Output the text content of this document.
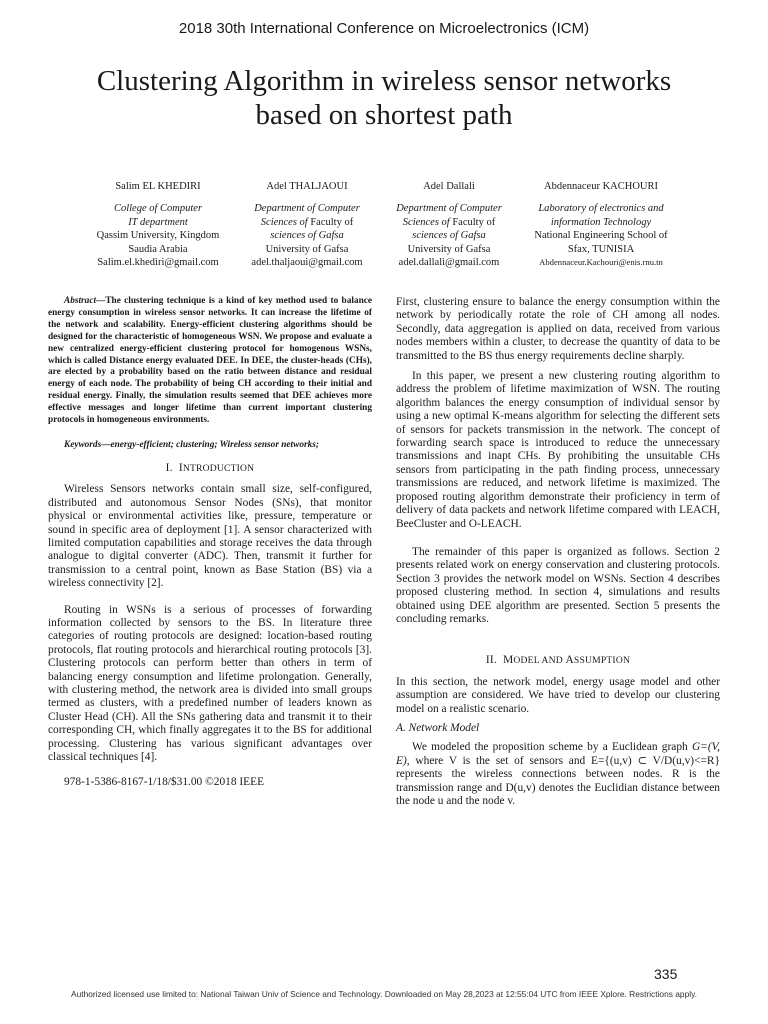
2018 30th International Conference on Microelectronics (ICM)
Clustering Algorithm in wireless sensor networks
based on shortest path
Salim EL KHEDIRI
College of Computer
IT department
Qassim University, Kingdom
Saudia Arabia
Salim.el.khediri@gmail.com
Adel THALJAOUI
Department of Computer
Sciences of Faculty of
sciences of Gafsa
University of Gafsa
adel.thaljaoui@gmail.com
Adel Dallali
Department of Computer
Sciences of Faculty of
sciences of Gafsa
University of Gafsa
adel.dallali@gmail.com
Abdennaceur KACHOURI
Laboratory of electronics and
information Technology
National Engineering School of
Sfax, TUNISIA
Abdennaceur.Kachouri@enis.rnu.tn

Abstract—The clustering technique is a kind of key method used to balance energy consumption in wireless sensor networks. It can increase the lifetime of the network and scalability. Energy-efficient clustering algorithms should be designed for the characteristic of homogeneous WSN. We propose and evaluate a new centralized energy-efficient clustering protocol for homogenous WSNs, which is called Distance energy evaluated DEE. In DEE, the cluster-heads (CHs), are elected by a probability based on the ratio between distance and residual energy of each node. The probability of being CH according to their initial and residual energy. Finally, the simulation results seemed that DEE achieves more effective messages and longer lifetime than current important clustering protocols in homogeneous environments.

Keywords—energy-efficient; clustering; Wireless sensor networks;

I. INTRODUCTION

Wireless Sensors networks contain small size, self-configured, distributed and autonomous Sensor Nodes (SNs), that monitor physical or environmental activities like, pressure, temperature or sound in specific area of deployment [1]. A sensor characterized with limited computation capabilities and storage receives the data through analogue to digital converter (ADC). Then, transmit it further for transmission to a central point, known as Base Station (BS) via a wireless connectivity [2].

Routing in WSNs is a serious of processes of forwarding information collected by sensors to the BS. In literature three categories of routing protocols are designed: location-based routing protocols, flat routing protocols and hierarchical routing protocols [3]. Clustering protocols can perform better than others in term of balancing energy consumption and lifetime prolongation. Generally, with clustering method, the network area is divided into small groups termed as clusters, with a predefined number of leaders known as Cluster Head (CH). All the SNs gathering data and transmit it to their corresponding CH, which finally aggregates it to the BS for additional processing. Clustering has various significant advantages over classical techniques [4].

978-1-5386-8167-1/18/$31.00 ©2018 IEEE

First, clustering ensure to balance the energy consumption within the network by periodically rotate the role of CH among all nodes. Secondly, data aggregation is applied on data, received from various nodes members within a cluster, to decrease the quantity of data to be transmitted to the BS thus energy requirements decline sharply.

In this paper, we present a new clustering routing algorithm to address the problem of lifetime maximization of WSN. The routing algorithm balances the energy consumption of individual sensor by using a new optimal K-means algorithm for selecting the different sets of sensors for packets transmission in the network. The concept of forwarding search space is introduced to reduce the unnecessary transmissions and inapt CHs. By prohibiting the unsuitable CHs sensors from participating in the path finding process, unnecessary transmissions are reduced, and network lifetime is maximized. The proposed routing algorithm demonstrate their proficiency in term of delivery of data packets and network lifetime compared with LEACH, BeeCluster and O-LEACH.

The remainder of this paper is organized as follows. Section 2 presents related work on energy conservation and clustering protocols. Section 3 provides the network model on WSNs. Section 4 describes proposed clustering method. In section 4, simulations and results obtained using DEE algorithm are presented. Section 5 presents the concluding remarks.

II. MODEL AND ASSUMPTION

In this section, the network model, energy usage model and other assumption are considered. We have tried to develop our clustering model on a realistic scenario.

A. Network Model

We modeled the proposition scheme by a Euclidean graph G=(V, E), where V is the set of sensors and E={(u,v) ⊂ V/D(u,v)<=R} represents the wireless connections between nodes. R is the transmission range and D(u,v) denotes the Euclidian distance between the node u and the node v.

335
Authorized licensed use limited to: National Taiwan Univ of Science and Technology. Downloaded on May 28,2023 at 12:55:04 UTC from IEEE Xplore. Restrictions apply.
